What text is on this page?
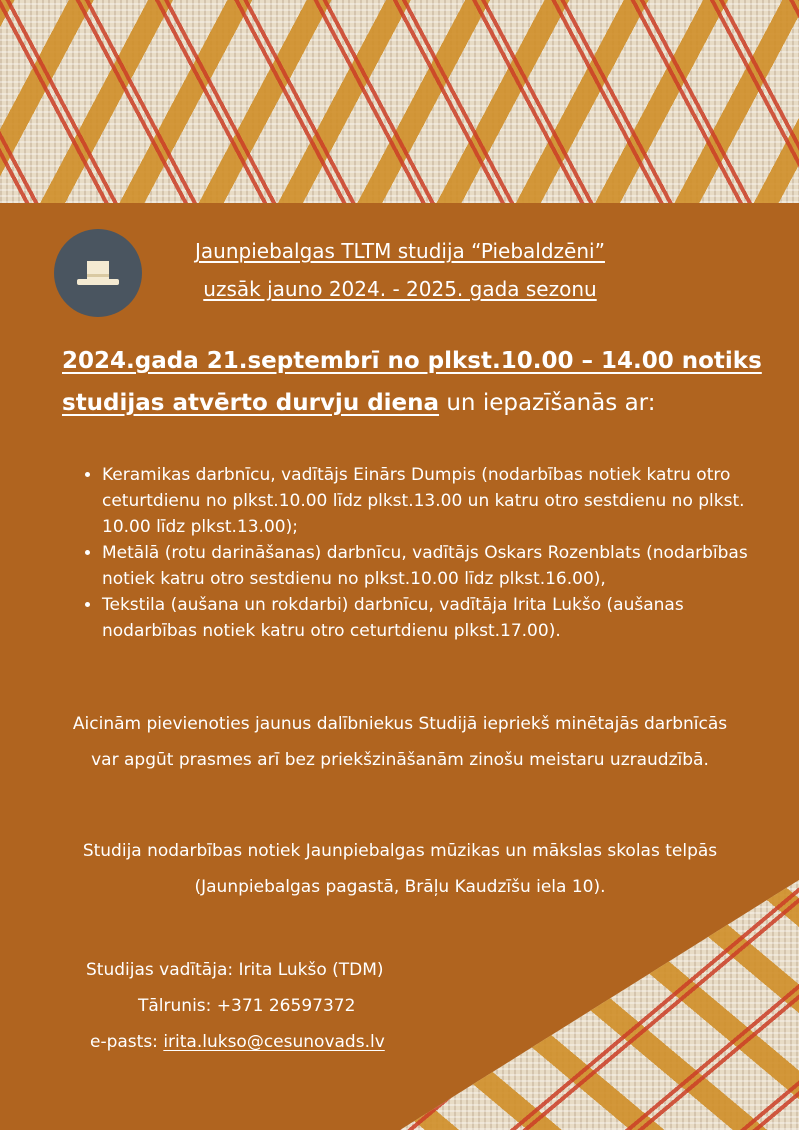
Jaunpiebalgas TLTM studija “Piebaldzēni”
uzsāk jauno 2024. - 2025. gada sezonu
2024.gada 21.septembrī no plkst.10.00 – 14.00 notiks studijas atvērto durvju diena un iepazīšanās ar:
• Keramikas darbnīcu, vadītājs Einārs Dumpis (nodarbības notiek katru otro ceturtdienu no plkst.10.00 līdz plkst.13.00 un katru otro sestdienu no plkst. 10.00 līdz plkst.13.00);
• Metālā (rotu darināšanas) darbnīcu, vadītājs Oskars Rozenblats (nodarbības notiek katru otro sestdienu no plkst.10.00 līdz plkst.16.00),
• Tekstila (aušana un rokdarbi) darbnīcu, vadītāja Irita Lukšo (aušanas nodarbības notiek katru otro ceturtdienu plkst.17.00).
Aicinām pievienoties jaunus dalībniekus Studijā iepriekš minētajās darbnīcās var apgūt prasmes arī bez priekšzināšanām zinošu meistaru uzraudzībā.
Studija nodarbības notiek Jaunpiebalgas mūzikas un mākslas skolas telpās (Jaunpiebalgas pagastā, Brāļu Kaudzīšu iela 10).
Studijas vadītāja: Irita Lukšo (TDM)
Tālrunis: +371 26597372
e-pasts: irita.lukso@cesunovads.lv
